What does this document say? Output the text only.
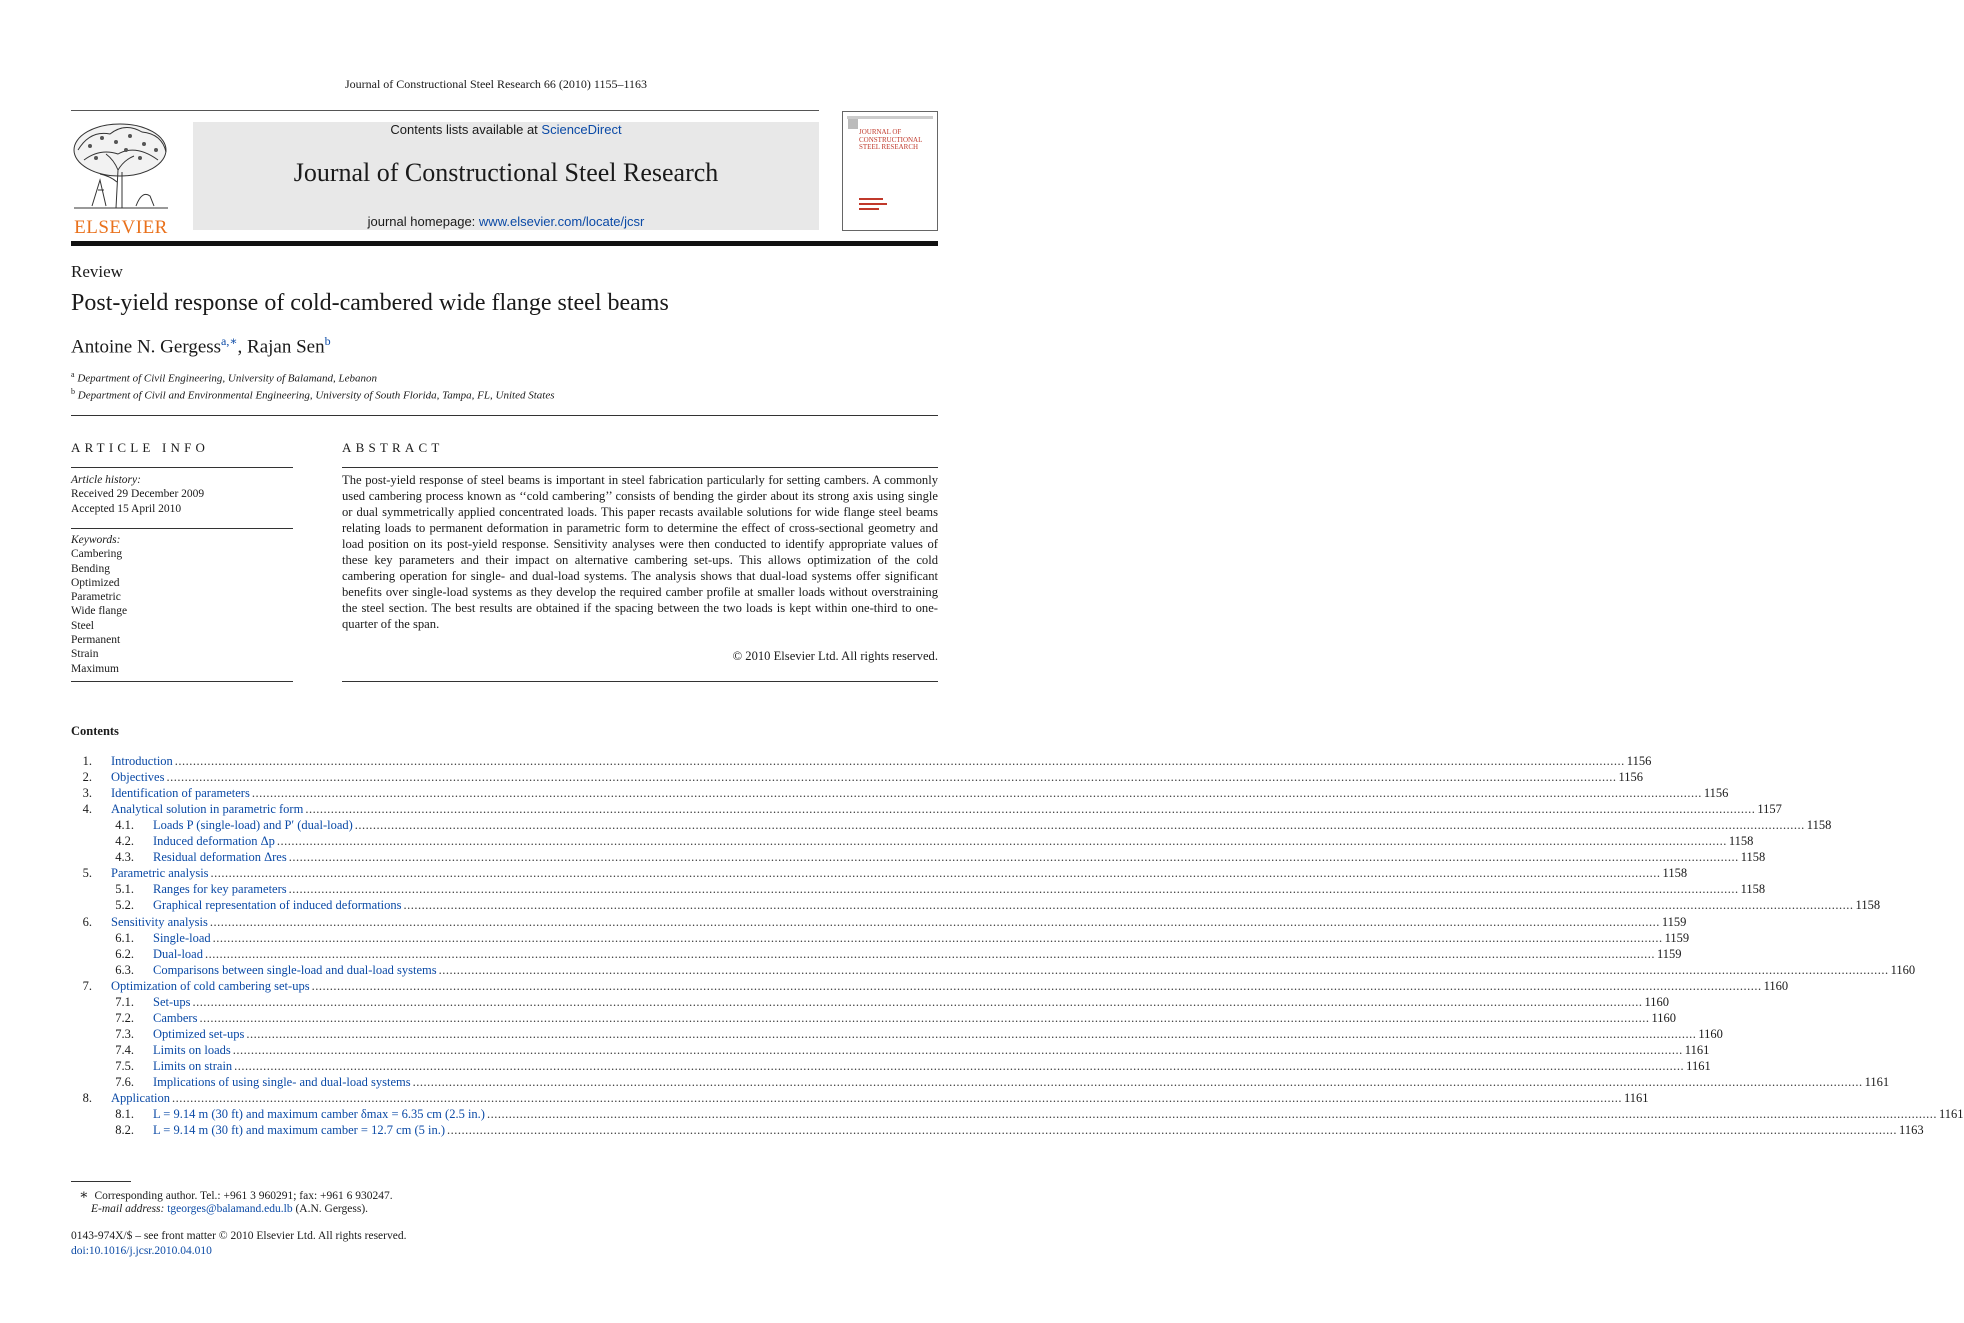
Journal of Constructional Steel Research 66 (2010) 1155–1163
ELSEVIER
Contents lists available at ScienceDirect
Journal of Constructional Steel Research
journal homepage: www.elsevier.com/locate/jcsr
JOURNAL OF
CONSTRUCTIONAL
STEEL RESEARCH
Review
Post-yield response of cold-cambered wide flange steel beams
Antoine N. Gergess$^{a,∗}$, Rajan Sen$^b$
$^a$ Department of Civil Engineering, University of Balamand, Lebanon
$^b$ Department of Civil and Environmental Engineering, University of South Florida, Tampa, FL, United States
ARTICLE INFO
Article history:
Received 29 December 2009
Accepted 15 April 2010
Keywords:
Cambering
Bending
Optimized
Parametric
Wide flange
Steel
Permanent
Strain
Maximum
ABSTRACT
The post-yield response of steel beams is important in steel fabrication particularly for setting cambers. A commonly used cambering process known as ‘‘cold cambering’’ consists of bending the girder about its strong axis using single or dual symmetrically applied concentrated loads. This paper recasts available solutions for wide flange steel beams relating loads to permanent deformation in parametric form to determine the effect of cross-sectional geometry and load position on its post-yield response. Sensitivity analyses were then conducted to identify appropriate values of these key parameters and their impact on alternative cambering set-ups. This allows optimization of the cold cambering operation for single- and dual-load systems. The analysis shows that dual-load systems offer significant benefits over single-load systems as they develop the required camber profile at smaller loads without overstraining the steel section. The best results are obtained if the spacing between the two loads is kept within one-third to one-quarter of the span.
© 2010 Elsevier Ltd. All rights reserved.
Contents
1. Introduction ................................................................................................................................................................................................................................................................................................................................................................................................................ 1156
2. Objectives ................................................................................................................................................................................................................................................................................................................................................................................................................ 1156
3. Identification of parameters ................................................................................................................................................................................................................................................................................................................................................................................................................ 1156
4. Analytical solution in parametric form ................................................................................................................................................................................................................................................................................................................................................................................................................ 1157
4.1. Loads P (single-load) and P′ (dual-load) ................................................................................................................................................................................................................................................................................................................................................................................................................ 1158
4.2. Induced deformation Δp ................................................................................................................................................................................................................................................................................................................................................................................................................ 1158
4.3. Residual deformation Δres ................................................................................................................................................................................................................................................................................................................................................................................................................ 1158
5. Parametric analysis ................................................................................................................................................................................................................................................................................................................................................................................................................ 1158
5.1. Ranges for key parameters ................................................................................................................................................................................................................................................................................................................................................................................................................ 1158
5.2. Graphical representation of induced deformations ................................................................................................................................................................................................................................................................................................................................................................................................................ 1158
6. Sensitivity analysis ................................................................................................................................................................................................................................................................................................................................................................................................................ 1159
6.1. Single-load ................................................................................................................................................................................................................................................................................................................................................................................................................ 1159
6.2. Dual-load ................................................................................................................................................................................................................................................................................................................................................................................................................ 1159
6.3. Comparisons between single-load and dual-load systems ................................................................................................................................................................................................................................................................................................................................................................................................................ 1160
7. Optimization of cold cambering set-ups ................................................................................................................................................................................................................................................................................................................................................................................................................ 1160
7.1. Set-ups ................................................................................................................................................................................................................................................................................................................................................................................................................ 1160
7.2. Cambers ................................................................................................................................................................................................................................................................................................................................................................................................................ 1160
7.3. Optimized set-ups ................................................................................................................................................................................................................................................................................................................................................................................................................ 1160
7.4. Limits on loads ................................................................................................................................................................................................................................................................................................................................................................................................................ 1161
7.5. Limits on strain ................................................................................................................................................................................................................................................................................................................................................................................................................ 1161
7.6. Implications of using single- and dual-load systems ................................................................................................................................................................................................................................................................................................................................................................................................................ 1161
8. Application ................................................................................................................................................................................................................................................................................................................................................................................................................ 1161
8.1. L = 9.14 m (30 ft) and maximum camber δmax = 6.35 cm (2.5 in.) ................................................................................................................................................................................................................................................................................................................................................................................................................ 1161
8.2. L = 9.14 m (30 ft) and maximum camber = 12.7 cm (5 in.) ................................................................................................................................................................................................................................................................................................................................................................................................................ 1163
∗ Corresponding author. Tel.: +961 3 960291; fax: +961 6 930247.
E-mail address: tgeorges@balamand.edu.lb (A.N. Gergess).
0143-974X/$ – see front matter © 2010 Elsevier Ltd. All rights reserved.
doi:10.1016/j.jcsr.2010.04.010
